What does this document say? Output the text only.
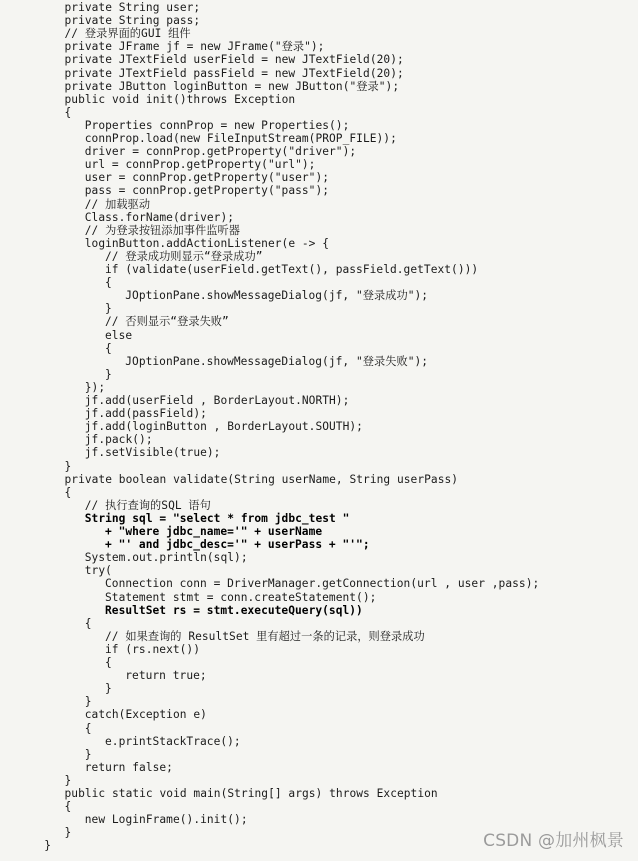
private String user;
private String pass;
// 登录界面的GUI 组件
private JFrame jf = new JFrame("登录");
private JTextField userField = new JTextField(20);
private JTextField passField = new JTextField(20);
private JButton loginButton = new JButton("登录");
public void init()throws Exception
{
Properties connProp = new Properties();
connProp.load(new FileInputStream(PROP_FILE));
driver = connProp.getProperty("driver");
url = connProp.getProperty("url");
user = connProp.getProperty("user");
pass = connProp.getProperty("pass");
// 加载驱动
Class.forName(driver);
// 为登录按钮添加事件监听器
loginButton.addActionListener(e -> {
// 登录成功则显示“登录成功”
if (validate(userField.getText(), passField.getText()))
{
JOptionPane.showMessageDialog(jf, "登录成功");
}
// 否则显示“登录失败”
else
{
JOptionPane.showMessageDialog(jf, "登录失败");
}
});
jf.add(userField , BorderLayout.NORTH);
jf.add(passField);
jf.add(loginButton , BorderLayout.SOUTH);
jf.pack();
jf.setVisible(true);
}
private boolean validate(String userName, String userPass)
{
// 执行查询的SQL 语句
String sql = "select * from jdbc_test "
+ "where jdbc_name='" + userName
+ "' and jdbc_desc='" + userPass + "'";
System.out.println(sql);
try(
Connection conn = DriverManager.getConnection(url , user ,pass);
Statement stmt = conn.createStatement();
ResultSet rs = stmt.executeQuery(sql))
{
// 如果查询的 ResultSet 里有超过一条的记录，则登录成功
if (rs.next())
{
return true;
}
}
catch(Exception e)
{
e.printStackTrace();
}
return false;
}
public static void main(String[] args) throws Exception
{
new LoginFrame().init();
}
}	CSDN @加州枫景
